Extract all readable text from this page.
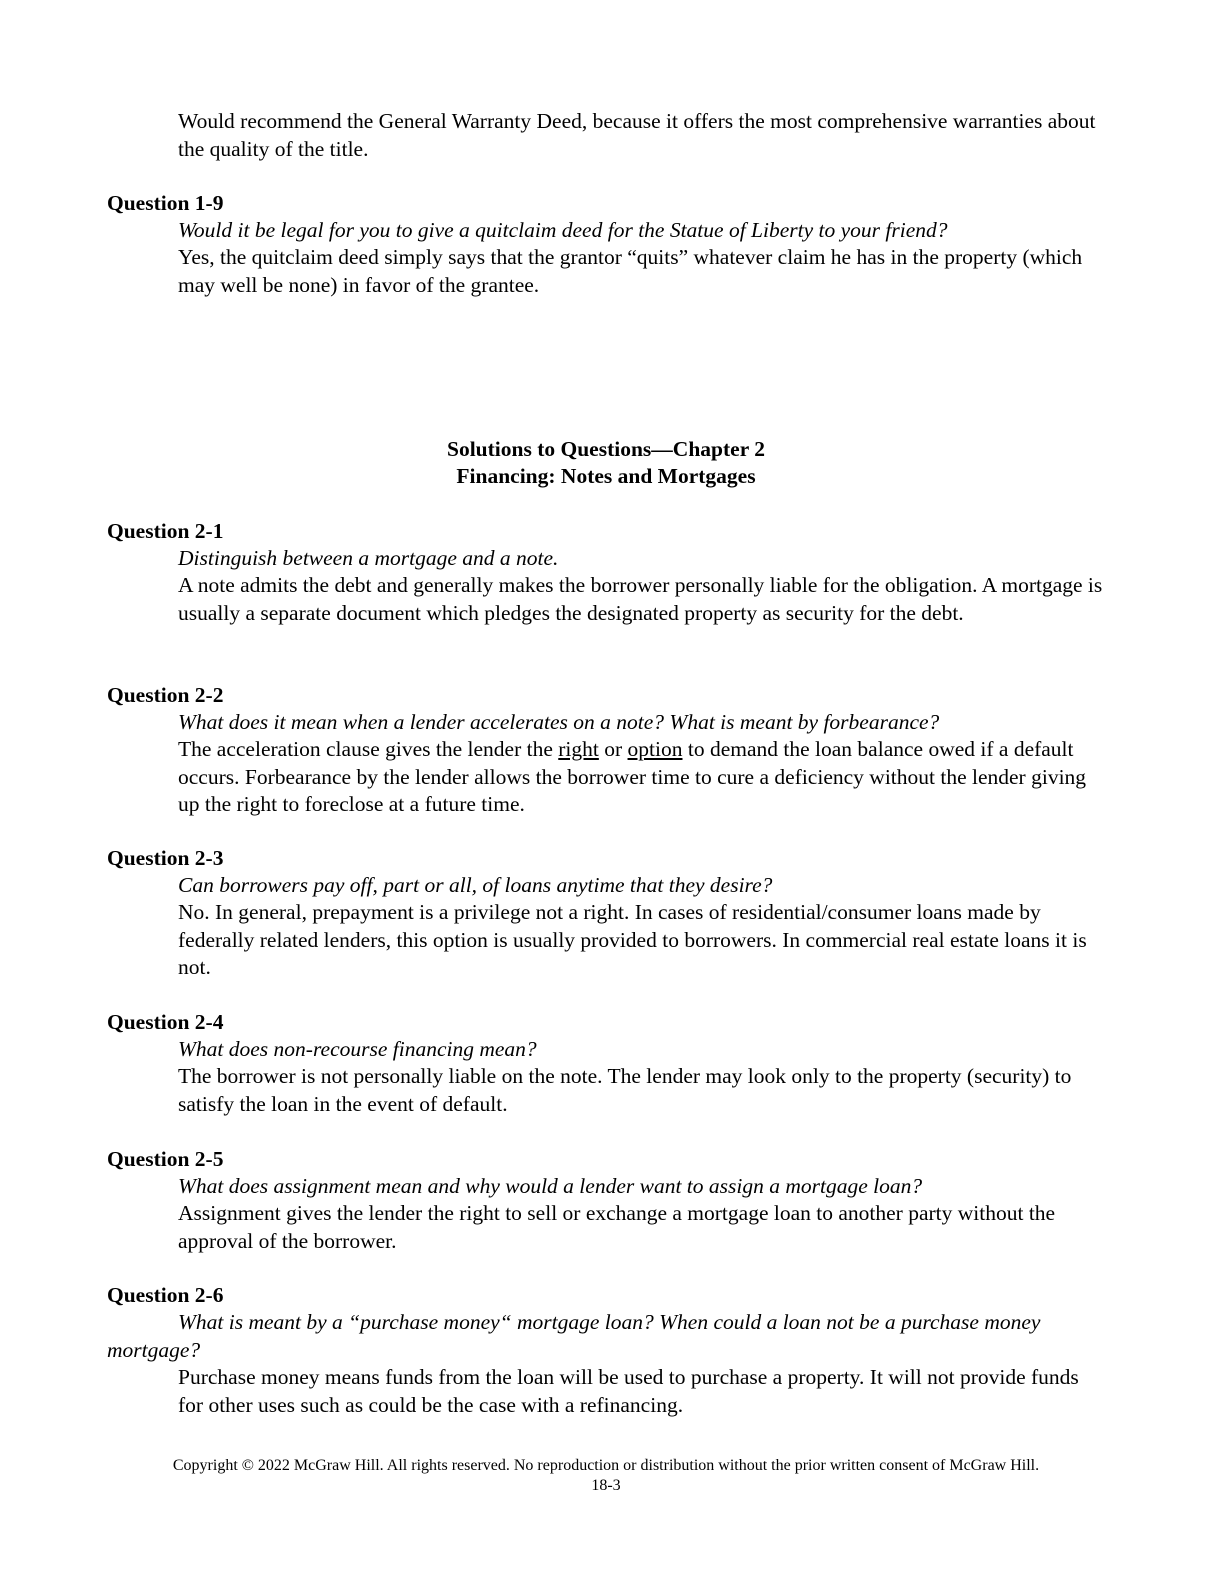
Would recommend the General Warranty Deed, because it offers the most comprehensive warranties about the quality of the title.

Question 1-9

Would it be legal for you to give a quitclaim deed for the Statue of Liberty to your friend?

Yes, the quitclaim deed simply says that the grantor “quits” whatever claim he has in the property (which may well be none) in favor of the grantee.

Solutions to Questions—Chapter 2

Financing: Notes and Mortgages

Question 2-1

Distinguish between a mortgage and a note.

A note admits the debt and generally makes the borrower personally liable for the obligation. A mortgage is usually a separate document which pledges the designated property as security for the debt.

Question 2-2

What does it mean when a lender accelerates on a note? What is meant by forbearance?

The acceleration clause gives the lender the right or option to demand the loan balance owed if a default occurs. Forbearance by the lender allows the borrower time to cure a deficiency without the lender giving up the right to foreclose at a future time.

Question 2-3

Can borrowers pay off, part or all, of loans anytime that they desire?

No. In general, prepayment is a privilege not a right. In cases of residential/consumer loans made by federally related lenders, this option is usually provided to borrowers. In commercial real estate loans it is not.

Question 2-4

What does non-recourse financing mean?

The borrower is not personally liable on the note. The lender may look only to the property (security) to satisfy the loan in the event of default.

Question 2-5

What does assignment mean and why would a lender want to assign a mortgage loan?

Assignment gives the lender the right to sell or exchange a mortgage loan to another party without the approval of the borrower.

Question 2-6

What is meant by a “purchase money“ mortgage loan? When could a loan not be a purchase money mortgage?

Purchase money means funds from the loan will be used to purchase a property. It will not provide funds for other uses such as could be the case with a refinancing.

Copyright © 2022 McGraw Hill. All rights reserved. No reproduction or distribution without the prior written consent of McGraw Hill.

18-3
